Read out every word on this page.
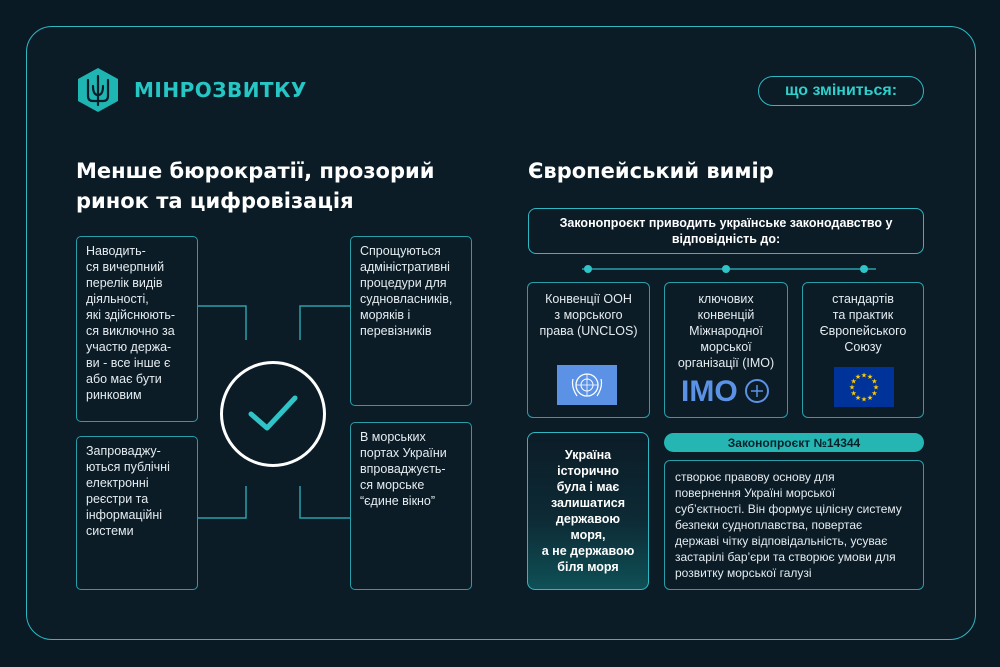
МІНРОЗВИТКУ	що зміниться:
Менше бюрократії, прозорий
ринок та цифровізація
Наводить-
ся вичерпний
перелік видів
діяльності,
які здійснюють-
ся виключно за
участю держа-
ви - все інше є
або має бути
ринковим
Спрощуються
адміністративні
процедури для
судновласників,
моряків і
перевізників
Запроваджу-
ються публічні
електронні
реєстри та
інформаційні
системи
В морських
портах України
впроваджуєть-
ся морське
“єдине вікно”
Європейський вимір
Законопроєкт приводить українське законодавство у
відповідність до:
Конвенції ООН
з морського
права (UNCLOS)
ключових
конвенцій
Міжнародної
морської
організації (IMO)
IMO
стандартів
та практик
Європейського
Союзу
★ ★
★
★
★
★
★
★
★
★
★
★
Україна
історично
була і має
залишатися
державою
моря,
а не державою
біля моря
Законопроєкт №14344
створює правову основу для
повернення Україні морської
суб’єктності. Він формує цілісну систему
безпеки судноплавства, повертає
державі чітку відповідальність, усуває
застарілі бар’єри та створює умови для
розвитку морської галузі
